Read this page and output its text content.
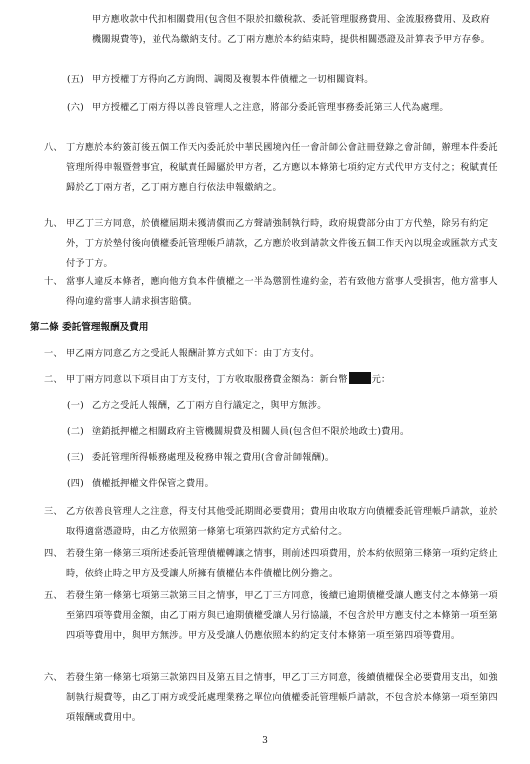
甲方應收款中代扣相關費用(包含但不限於扣繳稅款、委託管理服務費用、金流服務費用、及政府機關規費等)，並代為繳納支付。乙丁兩方應於本約結束時，提供相關憑證及計算表予甲方存參。
(五) 甲方授權丁方得向乙方詢問、調閱及複製本件債權之一切相關資料。
(六) 甲方授權乙丁兩方得以善良管理人之注意，將部分委託管理事務委託第三人代為處理。
八、 丁方應於本約簽訂後五個工作天內委託於中華民國境內任一會計師公會註冊登錄之會計師，辦理本件委託管理所得申報暨營事宜，稅賦責任歸屬於甲方者，乙方應以本條第七項約定方式代甲方支付之；稅賦責任歸於乙丁兩方者，乙丁兩方應自行依法申報繳納之。
九、 甲乙丁三方同意，於債權屆期未獲清償而乙方聲請強制執行時，政府規費部分由丁方代墊，除另有約定外，丁方於墊付後向債權委託管理帳戶請款，乙方應於收到請款文件後五個工作天內以現金或匯款方式支付予丁方。
十、 當事人違反本條者，應向他方負本件債權之一半為懲罰性違約金，若有致他方當事人受損害，他方當事人得向違約當事人請求損害賠償。
第二條 委託管理報酬及費用
一、 甲乙兩方同意乙方之受託人報酬計算方式如下：由丁方支付。
二、 甲丁兩方同意以下項目由丁方支付，丁方收取服務費金額為：新台幣	元：
(一) 乙方之受託人報酬，乙丁兩方自行議定之，與甲方無涉。
(二) 塗銷抵押權之相關政府主管機關規費及相關人員(包含但不限於地政士)費用。
(三) 委託管理所得帳務處理及稅務申報之費用(含會計師報酬)。
(四) 債權抵押權文件保管之費用。
三、 乙方依善良管理人之注意，得支付其他受託期間必要費用；費用由收取方向債權委託管理帳戶請款，並於取得適當憑證時，由乙方依照第一條第七項第四款約定方式給付之。
四、 若發生第一條第三項所述委託管理債權轉讓之情事，則前述四項費用，於本約依照第三條第一項約定終止時，依終止時之甲方及受讓人所擁有債權佔本件債權比例分擔之。
五、 若發生第一條第七項第三款第三目之情事，甲乙丁三方同意，後續已逾期債權受讓人應支付之本條第一項至第四項等費用金額，由乙丁兩方與已逾期債權受讓人另行協議，不包含於甲方應支付之本條第一項至第四項等費用中，與甲方無涉。甲方及受讓人仍應依照本約約定支付本條第一項至第四項等費用。
六、 若發生第一條第七項第三款第四目及第五目之情事，甲乙丁三方同意，後續債權保全必要費用支出，如強制執行規費等，由乙丁兩方或受託處理業務之單位向債權委託管理帳戶請款，不包含於本條第一項至第四項報酬或費用中。
3
